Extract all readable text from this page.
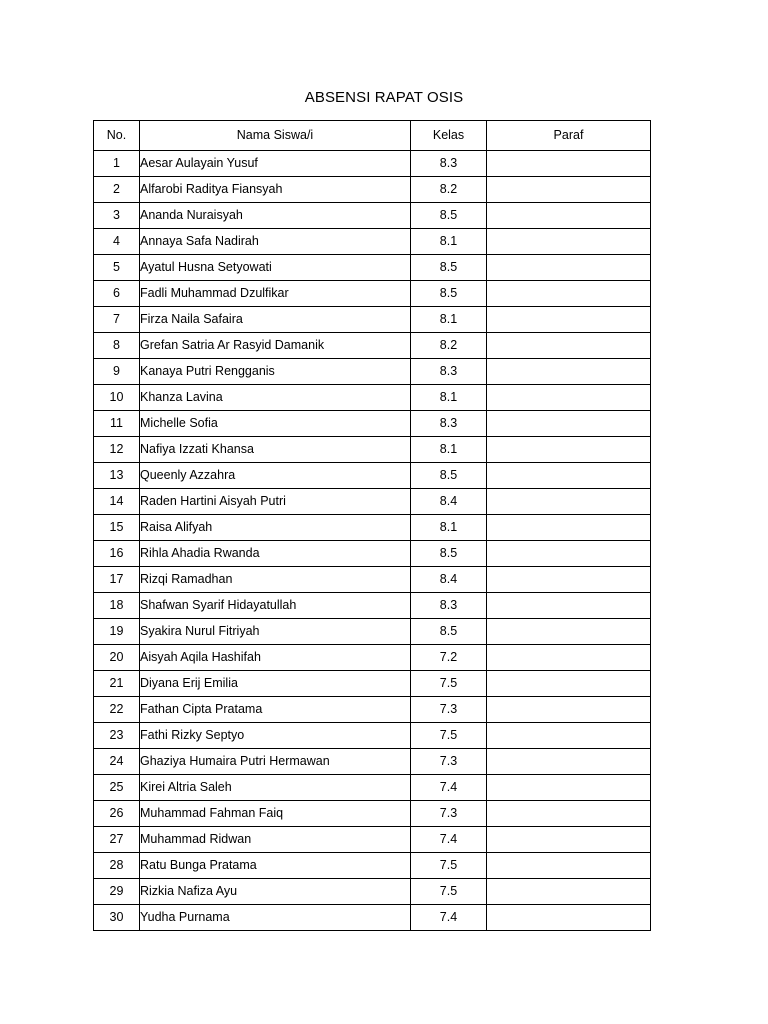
ABSENSI RAPAT OSIS
No.	Nama Siswa/i	Kelas	Paraf
1	Aesar Aulayain Yusuf	8.3	
2	Alfarobi Raditya Fiansyah	8.2	
3	Ananda Nuraisyah	8.5	
4	Annaya Safa Nadirah	8.1	
5	Ayatul Husna Setyowati	8.5	
6	Fadli Muhammad Dzulfikar	8.5	
7	Firza Naila Safaira	8.1	
8	Grefan Satria Ar Rasyid Damanik	8.2	
9	Kanaya Putri Rengganis	8.3	
10	Khanza Lavina	8.1	
11	Michelle Sofia	8.3	
12	Nafiya Izzati Khansa	8.1	
13	Queenly Azzahra	8.5	
14	Raden Hartini Aisyah Putri	8.4	
15	Raisa Alifyah	8.1	
16	Rihla Ahadia Rwanda	8.5	
17	Rizqi Ramadhan	8.4	
18	Shafwan Syarif Hidayatullah	8.3	
19	Syakira Nurul Fitriyah	8.5	
20	Aisyah Aqila Hashifah	7.2	
21	Diyana Erij Emilia	7.5	
22	Fathan Cipta Pratama	7.3	
23	Fathi Rizky Septyo	7.5	
24	Ghaziya Humaira Putri Hermawan	7.3	
25	Kirei Altria Saleh	7.4	
26	Muhammad Fahman Faiq	7.3	
27	Muhammad Ridwan	7.4	
28	Ratu Bunga Pratama	7.5	
29	Rizkia Nafiza Ayu	7.5	
30	Yudha Purnama	7.4	
